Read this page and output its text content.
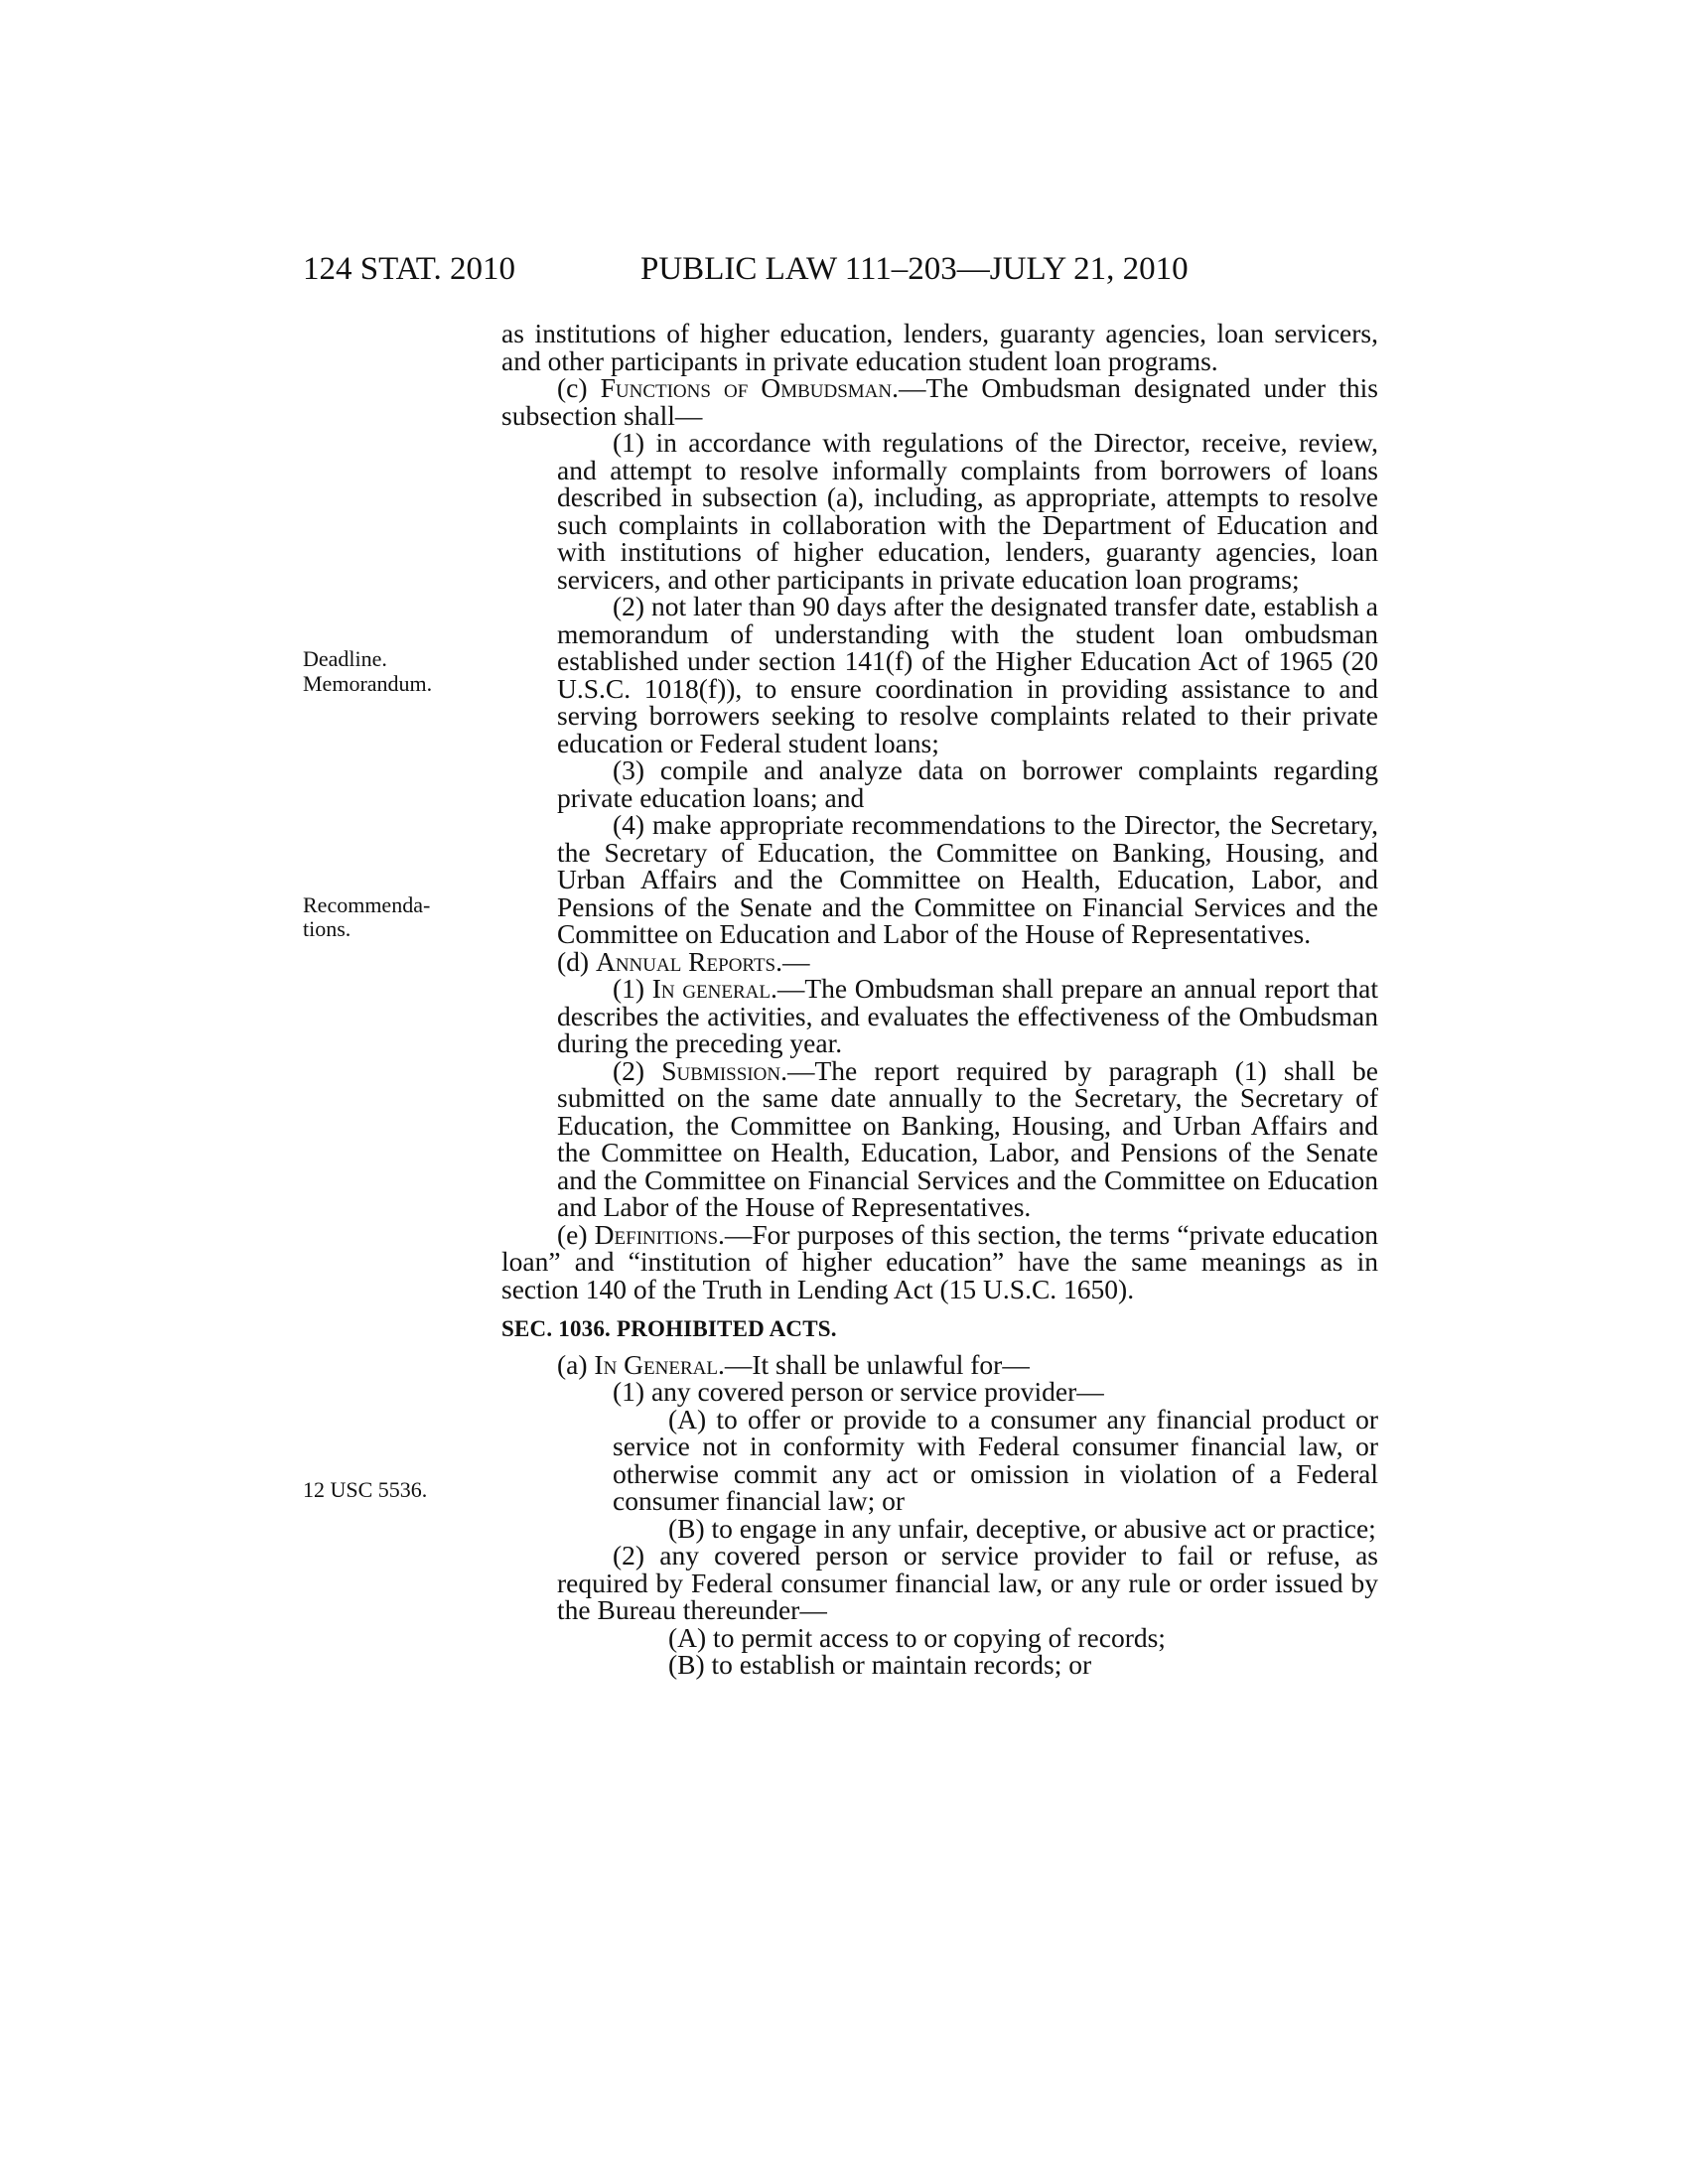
124 STAT. 2010	PUBLIC LAW 111–203—JULY 21, 2010
Deadline.
Memorandum.
Recommenda-
tions.
12 USC 5536.

as institutions of higher education, lenders, guaranty agencies, loan servicers, and other participants in private education student loan programs.

(c) Functions of Ombudsman.—The Ombudsman designated under this subsection shall—

(1) in accordance with regulations of the Director, receive, review, and attempt to resolve informally complaints from borrowers of loans described in subsection (a), including, as appropriate, attempts to resolve such complaints in collaboration with the Department of Education and with institutions of higher education, lenders, guaranty agencies, loan servicers, and other participants in private education loan programs;

(2) not later than 90 days after the designated transfer date, establish a memorandum of understanding with the student loan ombudsman established under section 141(f) of the Higher Education Act of 1965 (20 U.S.C. 1018(f)), to ensure coordination in providing assistance to and serving borrowers seeking to resolve complaints related to their private education or Federal student loans;

(3) compile and analyze data on borrower complaints regarding private education loans; and

(4) make appropriate recommendations to the Director, the Secretary, the Secretary of Education, the Committee on Banking, Housing, and Urban Affairs and the Committee on Health, Education, Labor, and Pensions of the Senate and the Committee on Financial Services and the Committee on Education and Labor of the House of Representatives.

(d) Annual Reports.—

(1) In general.—The Ombudsman shall prepare an annual report that describes the activities, and evaluates the effectiveness of the Ombudsman during the preceding year.

(2) Submission.—The report required by paragraph (1) shall be submitted on the same date annually to the Secretary, the Secretary of Education, the Committee on Banking, Housing, and Urban Affairs and the Committee on Health, Education, Labor, and Pensions of the Senate and the Committee on Financial Services and the Committee on Education and Labor of the House of Representatives.

(e) Definitions.—For purposes of this section, the terms “private education loan” and “institution of higher education” have the same meanings as in section 140 of the Truth in Lending Act (15 U.S.C. 1650).

SEC. 1036. PROHIBITED ACTS.

(a) In General.—It shall be unlawful for—

(1) any covered person or service provider—

(A) to offer or provide to a consumer any financial product or service not in conformity with Federal consumer financial law, or otherwise commit any act or omission in violation of a Federal consumer financial law; or

(B) to engage in any unfair, deceptive, or abusive act or practice;

(2) any covered person or service provider to fail or refuse, as required by Federal consumer financial law, or any rule or order issued by the Bureau thereunder—

(A) to permit access to or copying of records;

(B) to establish or maintain records; or
